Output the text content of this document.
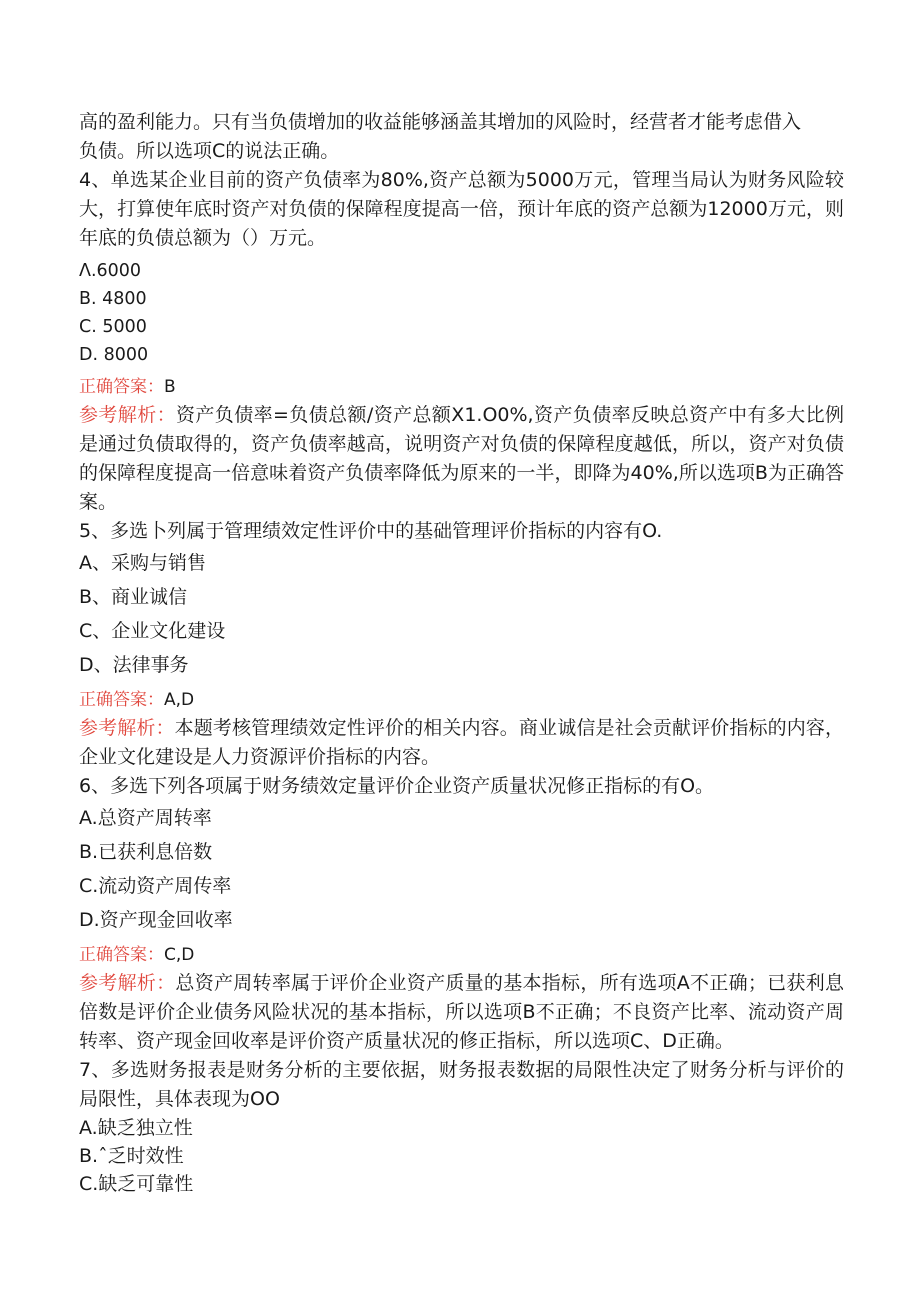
高的盈利能力。只有当负债增加的收益能够涵盖其增加的风险时，经营者才能考虑借入
负债。所以选项C的说法正确。
4、单选某企业目前的资产负债率为80%,资产总额为5000万元，管理当局认为财务风险较大，打算使年底时资产对负债的保障程度提高一倍，预计年底的资产总额为12000万元，则年底的负债总额为（）万元。
Λ.6000
B. 4800
C. 5000
D. 8000
正确答案：B
参考解析：资产负债率=负债总额/资产总额X1.O0%,资产负债率反映总资产中有多大比例是通过负债取得的，资产负债率越高，说明资产对负债的保障程度越低，所以，资产对负债的保障程度提高一倍意味着资产负债率降低为原来的一半，即降为40%,所以选项B为正确答案。
5、多选卜列属于管理绩效定性评价中的基础管理评价指标的内容有O.
A、采购与销售
B、商业诚信
C、企业文化建设
D、法律事务
正确答案：A,D
参考解析：本题考核管理绩效定性评价的相关内容。商业诚信是社会贡献评价指标的内容，企业文化建设是人力资源评价指标的内容。
6、多选下列各项属于财务绩效定量评价企业资产质量状况修正指标的有O。
A.总资产周转率
B.已获利息倍数
C.流动资产周传率
D.资产现金回收率
正确答案：C,D
参考解析：总资产周转率属于评价企业资产质量的基本指标，所有选项A不正确；已获利息倍数是评价企业债务风险状况的基本指标，所以选项B不正确；不良资产比率、流动资产周转率、资产现金回收率是评价资产质量状况的修正指标，所以选项C、D正确。
7、多选财务报表是财务分析的主要依据，财务报表数据的局限性决定了财务分析与评价的局限性，具体表现为OO
A.缺乏独立性
B.ˆ乏时效性
C.缺乏可靠性
